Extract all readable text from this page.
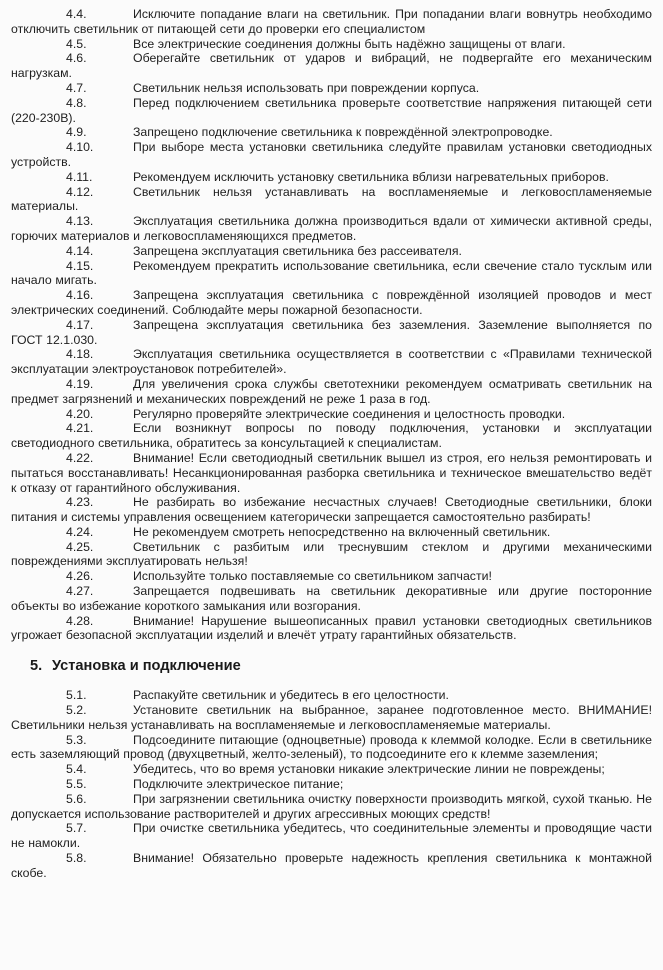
4.4.	Исключите попадание влаги на светильник. При попадании влаги вовнутрь необходимо отключить светильник от питающей сети до проверки его специалистом

4.5.	Все электрические соединения должны быть надёжно защищены от влаги.

4.6.	Оберегайте светильник от ударов и вибраций, не подвергайте его механическим нагрузкам.

4.7.	Светильник нельзя использовать при повреждении корпуса.

4.8.	Перед подключением светильника проверьте соответствие напряжения питающей сети (220-230В).

4.9.	Запрещено подключение светильника к повреждённой электропроводке.

4.10.	При выборе места установки светильника следуйте правилам установки светодиодных устройств.

4.11.	Рекомендуем исключить установку светильника вблизи нагревательных приборов.

4.12.	Светильник нельзя устанавливать на воспламеняемые и легковоспламеняемые материалы.

4.13.	Эксплуатация светильника должна производиться вдали от химически активной среды, горючих материалов и легковоспламеняющихся предметов.

4.14.	Запрещена эксплуатация светильника без рассеивателя.

4.15.	Рекомендуем прекратить использование светильника, если свечение стало тусклым или начало мигать.

4.16.	Запрещена эксплуатация светильника с повреждённой изоляцией проводов и мест электрических соединений. Соблюдайте меры пожарной безопасности.

4.17.	Запрещена эксплуатация светильника без заземления. Заземление выполняется по ГОСТ 12.1.030.

4.18.	Эксплуатация светильника осуществляется в соответствии с «Правилами технической эксплуатации электроустановок потребителей».

4.19.	Для увеличения срока службы светотехники рекомендуем осматривать светильник на предмет загрязнений и механических повреждений не реже 1 раза в год.

4.20.	Регулярно проверяйте электрические соединения и целостность проводки.

4.21.	Если возникнут вопросы по поводу подключения, установки и эксплуатации светодиодного светильника, обратитесь за консультацией к специалистам.

4.22.	Внимание! Если светодиодный светильник вышел из строя, его нельзя ремонтировать и пытаться восстанавливать! Несанкционированная разборка светильника и техническое вмешательство ведёт к отказу от гарантийного обслуживания.

4.23.	Не разбирать во избежание несчастных случаев! Светодиодные светильники, блоки питания и системы управления освещением категорически запрещается самостоятельно разбирать!

4.24.	Не рекомендуем смотреть непосредственно на включенный светильник.

4.25.	Светильник с разбитым или треснувшим стеклом и другими механическими повреждениями эксплуатировать нельзя!

4.26.	Используйте только поставляемые со светильником запчасти!

4.27.	Запрещается подвешивать на светильник декоративные или другие посторонние объекты во избежание короткого замыкания или возгорания.

4.28.	Внимание! Нарушение вышеописанных правил установки светодиодных светильников угрожает безопасной эксплуатации изделий и влечёт утрату гарантийных обязательств.

5. Установка и подключение

5.1.	Распакуйте светильник и убедитесь в его целостности.

5.2.	Установите светильник на выбранное, заранее подготовленное место. ВНИМАНИЕ! Светильники нельзя устанавливать на воспламеняемые и легковоспламеняемые материалы.

5.3.	Подсоедините питающие (одноцветные) провода к клеммой колодке. Если в светильнике есть заземляющий провод (двухцветный, желто-зеленый), то подсоедините его к клемме заземления;

5.4.	Убедитесь, что во время установки никакие электрические линии не повреждены;

5.5.	Подключите электрическое питание;

5.6.	При загрязнении светильника очистку поверхности производить мягкой, сухой тканью. Не допускается использование растворителей и других агрессивных моющих средств!

5.7.	При очистке светильника убедитесь, что соединительные элементы и проводящие части не намокли.

5.8.	Внимание! Обязательно проверьте надежность крепления светильника к монтажной скобе.
